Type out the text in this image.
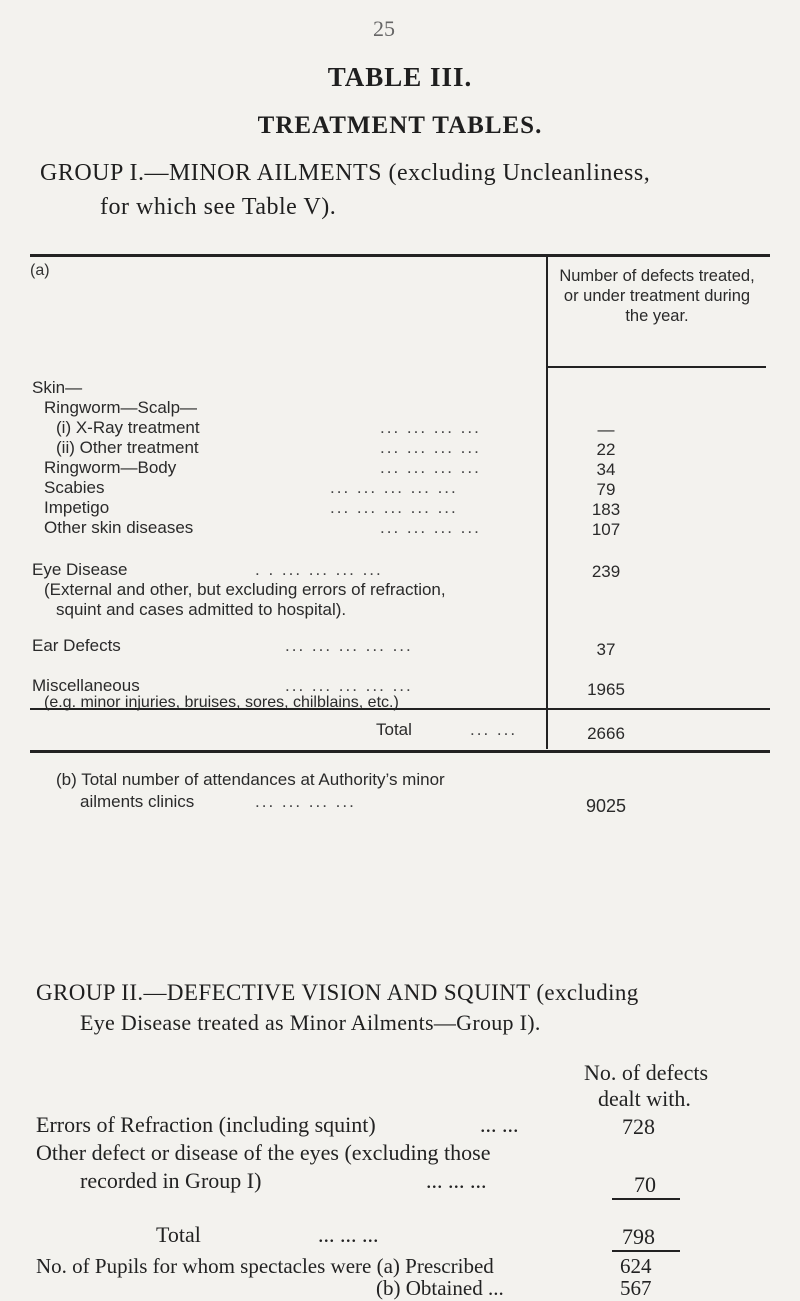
25
TABLE III.
TREATMENT TABLES.
GROUP I.—MINOR AILMENTS (excluding Uncleanliness,
for which see Table V).
(a)	Number of defects treated, or under treatment during the year.
Skin—
Ringworm—Scalp—
(i) X-Ray treatment	... ... ... ...	—
(ii) Other treatment	... ... ... ...	22
Ringworm—Body	... ... ... ...	34
Scabies	... ... ... ... ...	79
Impetigo	... ... ... ... ...	183
Other skin diseases	... ... ... ...	107
Eye Disease	. . ... ... ... ...	239
(External and other, but excluding errors of refraction,
squint and cases admitted to hospital).
Ear Defects	... ... ... ... ...	37
Miscellaneous	... ... ... ... ...	1965
(e.g. minor injuries, bruises, sores, chilblains, etc.)
Total	... ...	2666
(b) Total number of attendances at Authority’s minor
ailments clinics	... ... ... ...	9025
GROUP II.—DEFECTIVE VISION AND SQUINT (excluding
Eye Disease treated as Minor Ailments—Group I).
No. of defects
dealt with.
Errors of Refraction (including squint)	... ...	728
Other defect or disease of the eyes (excluding those
recorded in Group I)	... ... ...	70
Total	... ... ...	798
No. of Pupils for whom spectacles were (a) Prescribed	624
(b) Obtained ...	567
